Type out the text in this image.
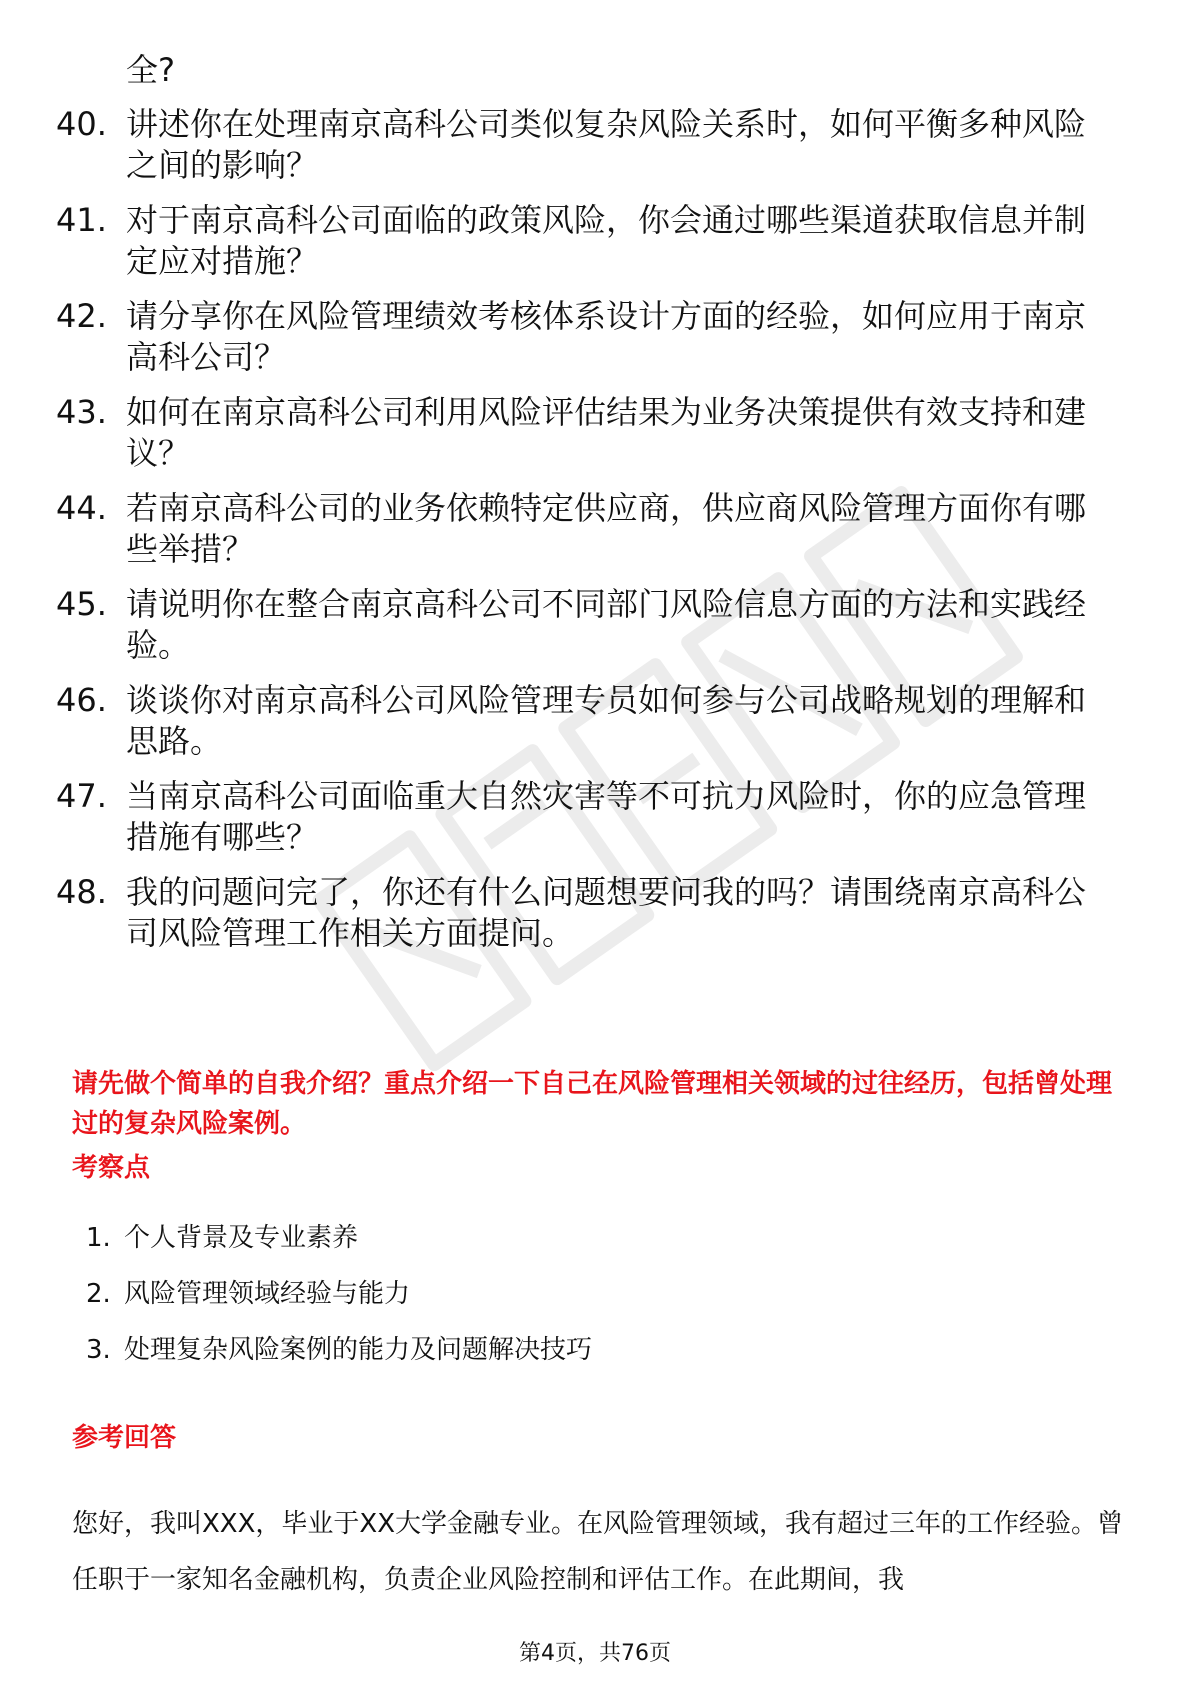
全?
40. 讲述你在处理南京高科公司类似复杂风险关系时，如何平衡多种风险之间的影响？
41. 对于南京高科公司面临的政策风险，你会通过哪些渠道获取信息并制定应对措施？
42. 请分享你在风险管理绩效考核体系设计方面的经验，如何应用于南京高科公司？
43. 如何在南京高科公司利用风险评估结果为业务决策提供有效支持和建议？
44. 若南京高科公司的业务依赖特定供应商，供应商风险管理方面你有哪些举措？
45. 请说明你在整合南京高科公司不同部门风险信息方面的方法和实践经验。
46. 谈谈你对南京高科公司风险管理专员如何参与公司战略规划的理解和思路。
47. 当南京高科公司面临重大自然灾害等不可抗力风险时，你的应急管理措施有哪些？
48. 我的问题问完了，你还有什么问题想要问我的吗？请围绕南京高科公司风险管理工作相关方面提问。
请先做个简单的自我介绍？重点介绍一下自己在风险管理相关领域的过往经历，包括曾处理过的复杂风险案例。
考察点
1. 个人背景及专业素养
2. 风险管理领域经验与能力
3. 处理复杂风险案例的能力及问题解决技巧
参考回答
您好，我叫XXX，毕业于XX大学金融专业。在风险管理领域，我有超过三年的工作经验。曾任职于一家知名金融机构，负责企业风险控制和评估工作。在此期间，我
第4页，共76页
